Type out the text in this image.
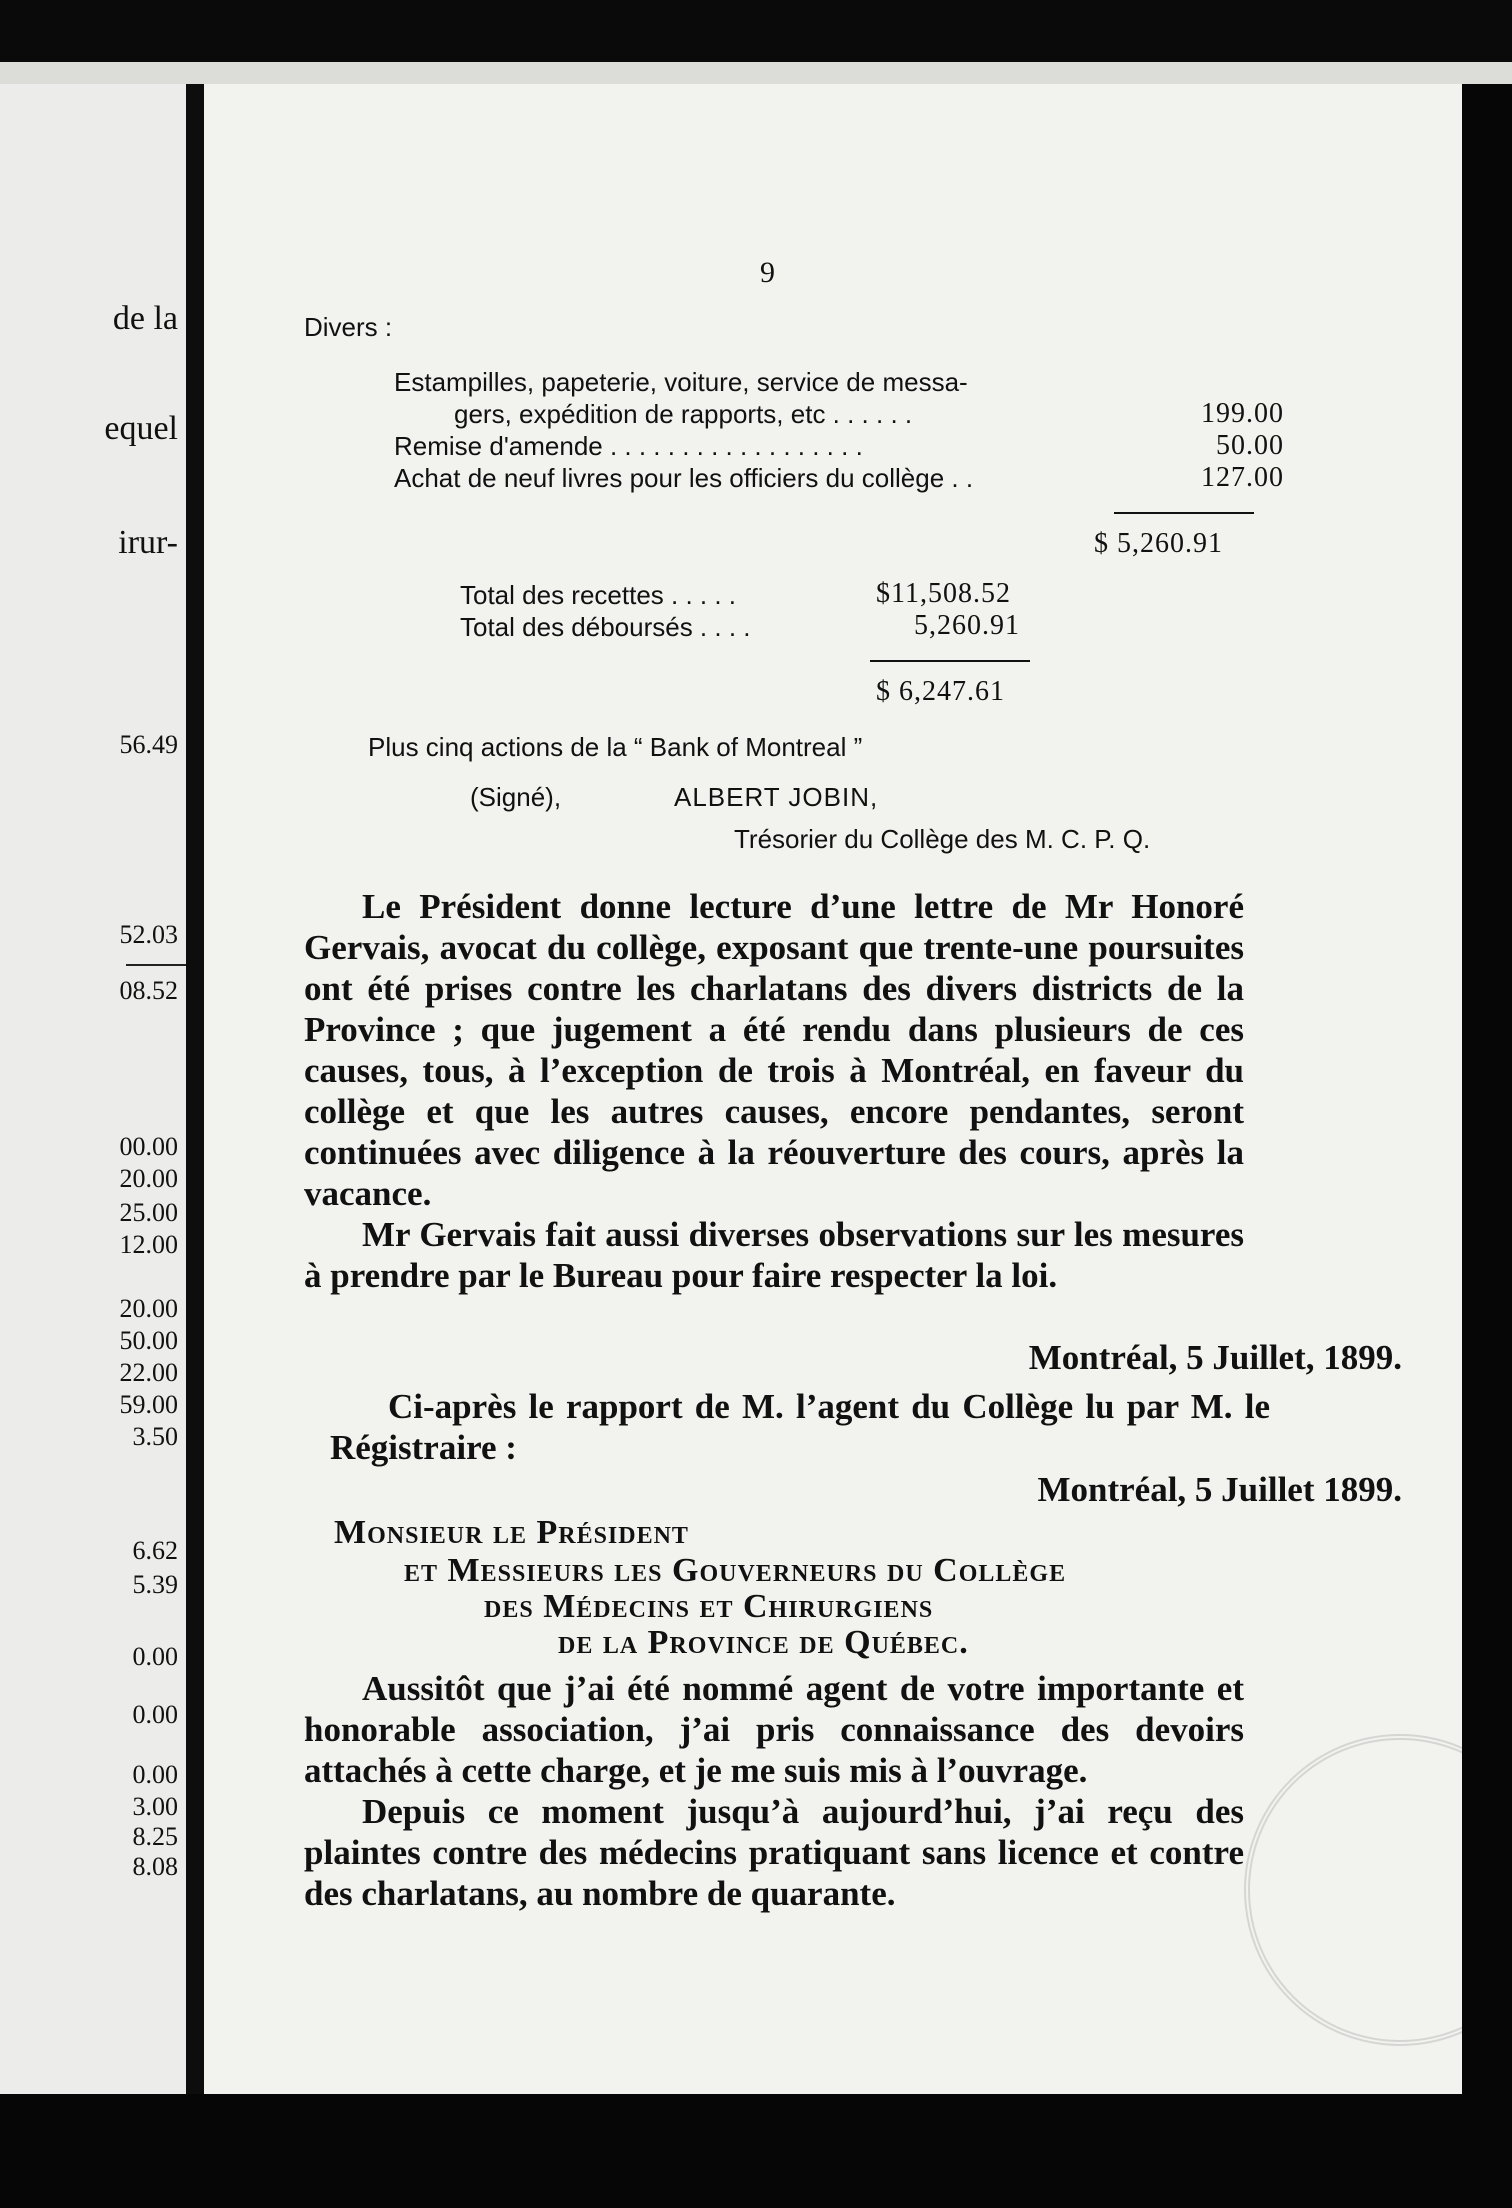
de la
equel
irur-
56.49
52.03
08.52
00.00
20.00
25.00
12.00
20.00
50.00
22.00
59.00
3.50
6.62
5.39
0.00
0.00
0.00
3.00
8.25
8.08
9
Divers :
Estampilles, papeterie, voiture, service de messa-
gers, expédition de rapports, etc . . . . . .	199.00
Remise d'amende . . . . . . . . . . . . . . . . . .	50.00
Achat de neuf livres pour les officiers du collège . .	127.00
$ 5,260.91
Total des recettes . . . . .	$11,508.52
Total des déboursés . . . .	5,260.91
$ 6,247.61
Plus cinq actions de la “ Bank of Montreal ”
(Signé),	ALBERT JOBIN,
Trésorier du Collège des M. C. P. Q.

Le Président donne lecture d’une lettre de Mr Honoré Gervais, avocat du collège, exposant que trente-une poursuites ont été prises contre les charlatans des divers districts de la Province ; que jugement a été rendu dans plusieurs de ces causes, tous, à l’exception de trois à Montréal, en faveur du collège et que les autres causes, encore pendantes, seront continuées avec diligence à la réouverture des cours, après la vacance.

Mr Gervais fait aussi diverses observations sur les mesures à prendre par le Bureau pour faire respecter la loi.

Montréal, 5 Juillet, 1899.

Ci-après le rapport de M. l’agent du Collège lu par M. le Régistraire :

Montréal, 5 Juillet 1899.
Monsieur le Président
et Messieurs les Gouverneurs du Collège
des Médecins et Chirurgiens
de la Province de Québec.

Aussitôt que j’ai été nommé agent de votre importante et honorable association, j’ai pris connaissance des devoirs attachés à cette charge, et je me suis mis à l’ouvrage.

Depuis ce moment jusqu’à aujourd’hui, j’ai reçu des plaintes contre des médecins pratiquant sans licence et contre des charlatans, au nombre de quarante.
